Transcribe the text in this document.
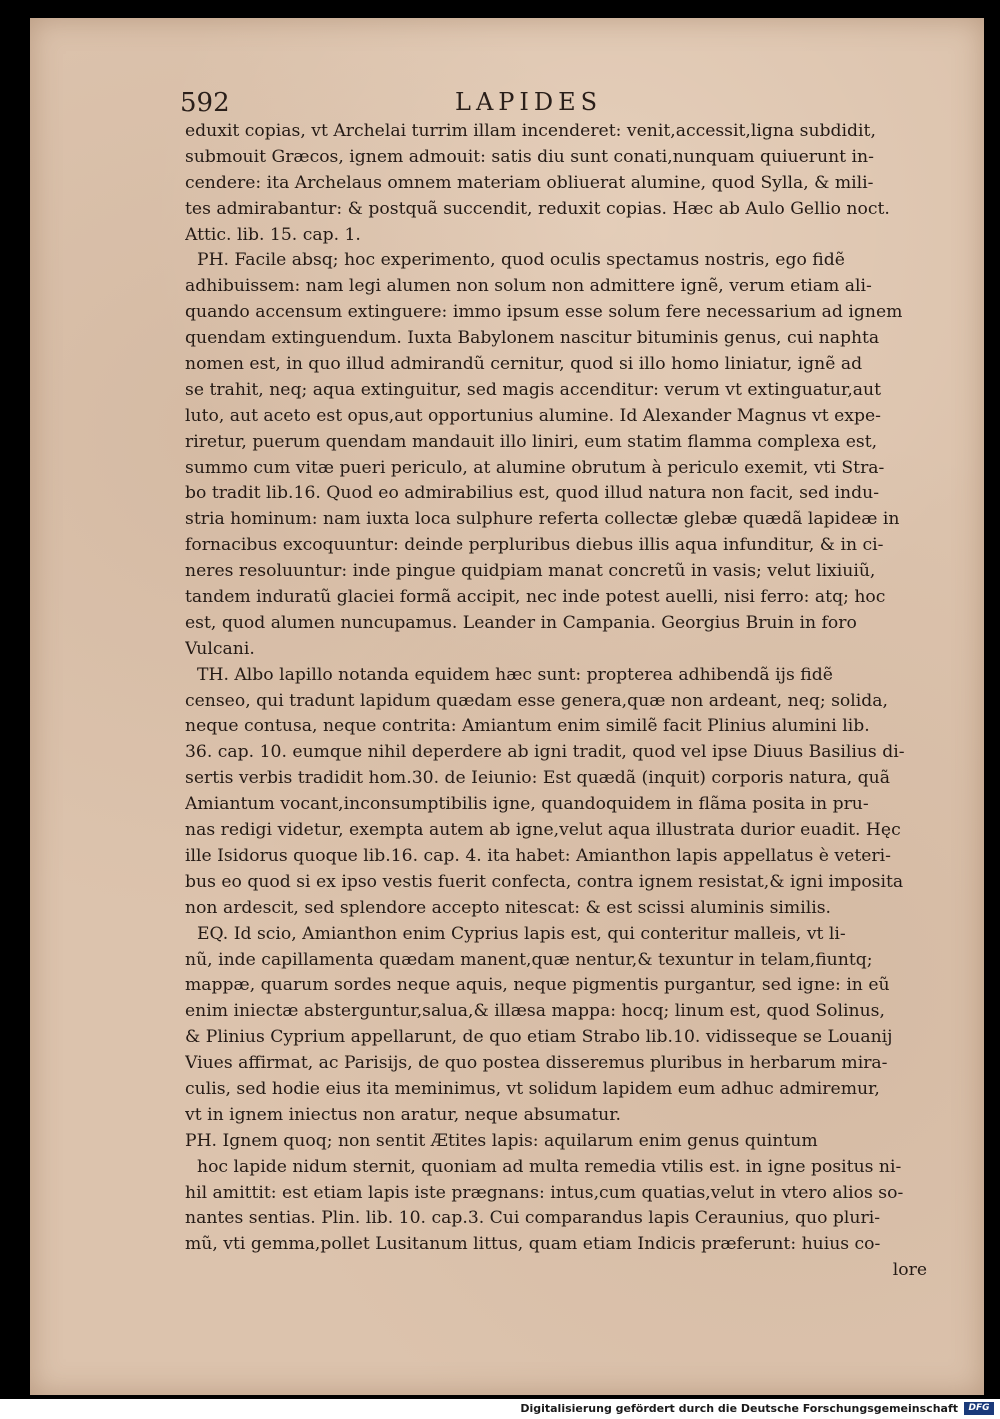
592	LAPIDES
eduxit copias, vt Archelai turrim illam incenderet: venit,accessit,ligna subdidit,
submouit Græcos, ignem admouit: satis diu sunt conati,nunquam quiuerunt in-
cendere: ita Archelaus omnem materiam obliuerat alumine, quod Sylla, & mili-
tes admirabantur: & postquã succendit, reduxit copias. Hæc ab Aulo Gellio noct.
Attic. lib. 15. cap. 1.
PH. Facile absq; hoc experimento, quod oculis spectamus nostris, ego fidẽ
adhibuissem: nam legi alumen non solum non admittere ignẽ, verum etiam ali-
quando accensum extinguere: immo ipsum esse solum fere necessarium ad ignem
quendam extinguendum. Iuxta Babylonem nascitur bituminis genus, cui naphta
nomen est, in quo illud admirandũ cernitur, quod si illo homo liniatur, ignẽ ad
se trahit, neq; aqua extinguitur, sed magis accenditur: verum vt extinguatur,aut
luto, aut aceto est opus,aut opportunius alumine. Id Alexander Magnus vt expe-
riretur, puerum quendam mandauit illo liniri, eum statim flamma complexa est,
summo cum vitæ pueri periculo, at alumine obrutum à periculo exemit, vti Stra-
bo tradit lib.16. Quod eo admirabilius est, quod illud natura non facit, sed indu-
stria hominum: nam iuxta loca sulphure referta collectæ glebæ quædã lapideæ in
fornacibus excoquuntur: deinde perpluribus diebus illis aqua infunditur, & in ci-
neres resoluuntur: inde pingue quidpiam manat concretũ in vasis; velut lixiuiũ,
tandem induratũ glaciei formã accipit, nec inde potest auelli, nisi ferro: atq; hoc
est, quod alumen nuncupamus. Leander in Campania. Georgius Bruin in foro
Vulcani.
TH. Albo lapillo notanda equidem hæc sunt: propterea adhibendã ijs fidẽ
censeo, qui tradunt lapidum quædam esse genera,quæ non ardeant, neq; solida,
neque contusa, neque contrita: Amiantum enim similẽ facit Plinius alumini lib.
36. cap. 10. eumque nihil deperdere ab igni tradit, quod vel ipse Diuus Basilius di-
sertis verbis tradidit hom.30. de Ieiunio: Est quædã (inquit) corporis natura, quã
Amiantum vocant,inconsumptibilis igne, quandoquidem in flãma posita in pru-
nas redigi videtur, exempta autem ab igne,velut aqua illustrata durior euadit. Hęc
ille Isidorus quoque lib.16. cap. 4. ita habet: Amianthon lapis appellatus è veteri-
bus eo quod si ex ipso vestis fuerit confecta, contra ignem resistat,& igni imposita
non ardescit, sed splendore accepto nitescat: & est scissi aluminis similis.
EQ. Id scio, Amianthon enim Cyprius lapis est, qui conteritur malleis, vt li-
nũ, inde capillamenta quædam manent,quæ nentur,& texuntur in telam,fiuntq;
mappæ, quarum sordes neque aquis, neque pigmentis purgantur, sed igne: in eũ
enim iniectæ absterguntur,salua,& illæsa mappa: hocq; linum est, quod Solinus,
& Plinius Cyprium appellarunt, de quo etiam Strabo lib.10. vidisseque se Louanij
Viues affirmat, ac Parisijs, de quo postea disseremus pluribus in herbarum mira-
culis, sed hodie eius ita meminimus, vt solidum lapidem eum adhuc admiremur,
vt in ignem iniectus non aratur, neque absumatur.
PH. Ignem quoq; non sentit Ætites lapis: aquilarum enim genus quintum
hoc lapide nidum sternit, quoniam ad multa remedia vtilis est. in igne positus ni-
hil amittit: est etiam lapis iste prægnans: intus,cum quatias,velut in vtero alios so-
nantes sentias. Plin. lib. 10. cap.3. Cui comparandus lapis Ceraunius, quo pluri-
mũ, vti gemma,pollet Lusitanum littus, quam etiam Indicis præferunt: huius co-
lore
Digitalisierung gefördert durch die Deutsche Forschungsgemeinschaft	DFG
